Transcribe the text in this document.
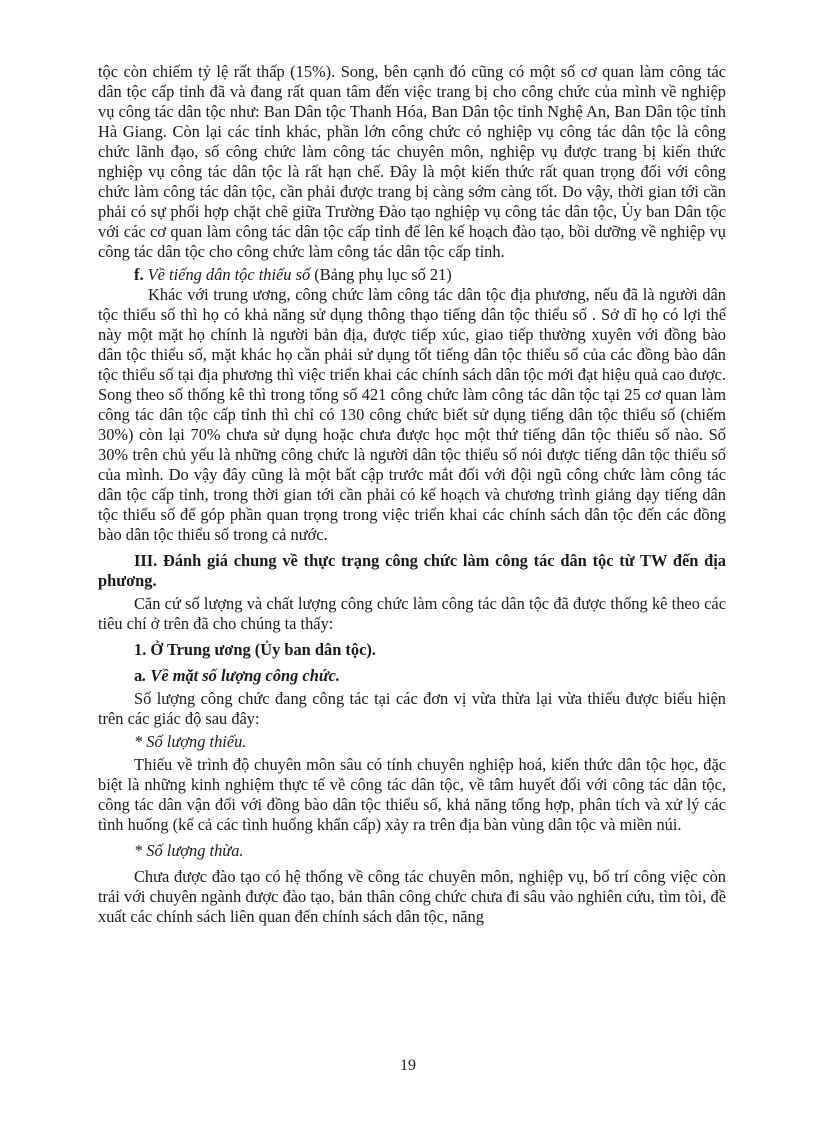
tộc còn chiếm tỷ lệ rất thấp (15%). Song, bên cạnh đó cũng có một số cơ quan làm công tác dân tộc cấp tỉnh đã và đang rất quan tâm đến việc trang bị cho công chức của mình về nghiệp vụ công tác dân tộc như: Ban Dân tộc Thanh Hóa, Ban Dân tộc tỉnh Nghệ An, Ban Dân tộc tỉnh Hà Giang. Còn lại các tỉnh khác, phần lớn công chức có nghiệp vụ công tác dân tộc là công chức lãnh đạo, số công chức làm công tác chuyên môn, nghiệp vụ được trang bị kiến thức nghiệp vụ công tác dân tộc là rất hạn chế. Đây là một kiến thức rất quan trọng đối với công chức làm công tác dân tộc, cần phải được trang bị càng sớm càng tốt. Do vậy, thời gian tới cần phải có sự phối hợp chặt chẽ giữa Trường Đào tạo nghiệp vụ công tác dân tộc, Ủy ban Dân tộc với các cơ quan làm công tác dân tộc cấp tỉnh để lên kế hoạch đào tạo, bồi dưỡng về nghiệp vụ công tác dân tộc cho công chức làm công tác dân tộc cấp tỉnh.

f. Về tiếng dân tộc thiểu số (Bảng phụ lục số 21)

Khác với trung ương, công chức làm công tác dân tộc địa phương, nếu đã là người dân tộc thiểu số thì họ có khả năng sử dụng thông thạo tiếng dân tộc thiểu số . Sở dĩ họ có lợi thế này một mặt họ chính là người bản địa, được tiếp xúc, giao tiếp thường xuyên với đồng bào dân tộc thiểu số, mặt khác họ cần phải sử dụng tốt tiếng dân tộc thiểu số của các đồng bào dân tộc thiểu số tại địa phương thì việc triển khai các chính sách dân tộc mới đạt hiệu quả cao được. Song theo số thống kê thì trong tổng số 421 công chức làm công tác dân tộc tại 25 cơ quan làm công tác dân tộc cấp tỉnh thì chỉ có 130 công chức biết sử dụng tiếng dân tộc thiểu số (chiếm 30%) còn lại 70% chưa sử dụng hoặc chưa được học một thứ tiếng dân tộc thiểu số nào. Số 30% trên chủ yếu là những công chức là người dân tộc thiểu số nói được tiếng dân tộc thiểu số của mình. Do vậy đây cũng là một bất cập trước mắt đối với đội ngũ công chức làm công tác dân tộc cấp tỉnh, trong thời gian tới cần phải có kế hoạch và chương trình giảng dạy tiếng dân tộc thiểu số để góp phần quan trọng trong việc triển khai các chính sách dân tộc đến các đồng bào dân tộc thiểu số trong cả nước.

III. Đánh giá chung về thực trạng công chức làm công tác dân tộc từ TW đến địa phương.

Căn cứ số lượng và chất lượng công chức làm công tác dân tộc đã được thống kê theo các tiêu chí ở trên đã cho chúng ta thấy:

1. Ở Trung ương (Ủy ban dân tộc).

a. Về mặt số lượng công chức.

Số lượng công chức đang công tác tại các đơn vị vừa thừa lại vừa thiếu được biểu hiện trên các giác độ sau đây:

* Số lượng thiếu.

Thiếu về trình độ chuyên môn sâu có tính chuyên nghiệp hoá, kiến thức dân tộc học, đặc biệt là những kinh nghiệm thực tế về công tác dân tộc, về tâm huyết đối với công tác dân tộc, công tác dân vận đối với đồng bào dân tộc thiểu số, khả năng tổng hợp, phân tích và xử lý các tình huống (kể cả các tình huống khẩn cấp) xảy ra trên địa bàn vùng dân tộc và miền núi.

* Số lượng thừa.

Chưa được đào tạo có hệ thống về công tác chuyên môn, nghiệp vụ, bố trí công việc còn trái với chuyên ngành được đào tạo, bản thân công chức chưa đi sâu vào nghiên cứu, tìm tòi, đề xuất các chính sách liên quan đến chính sách dân tộc, năng

19
